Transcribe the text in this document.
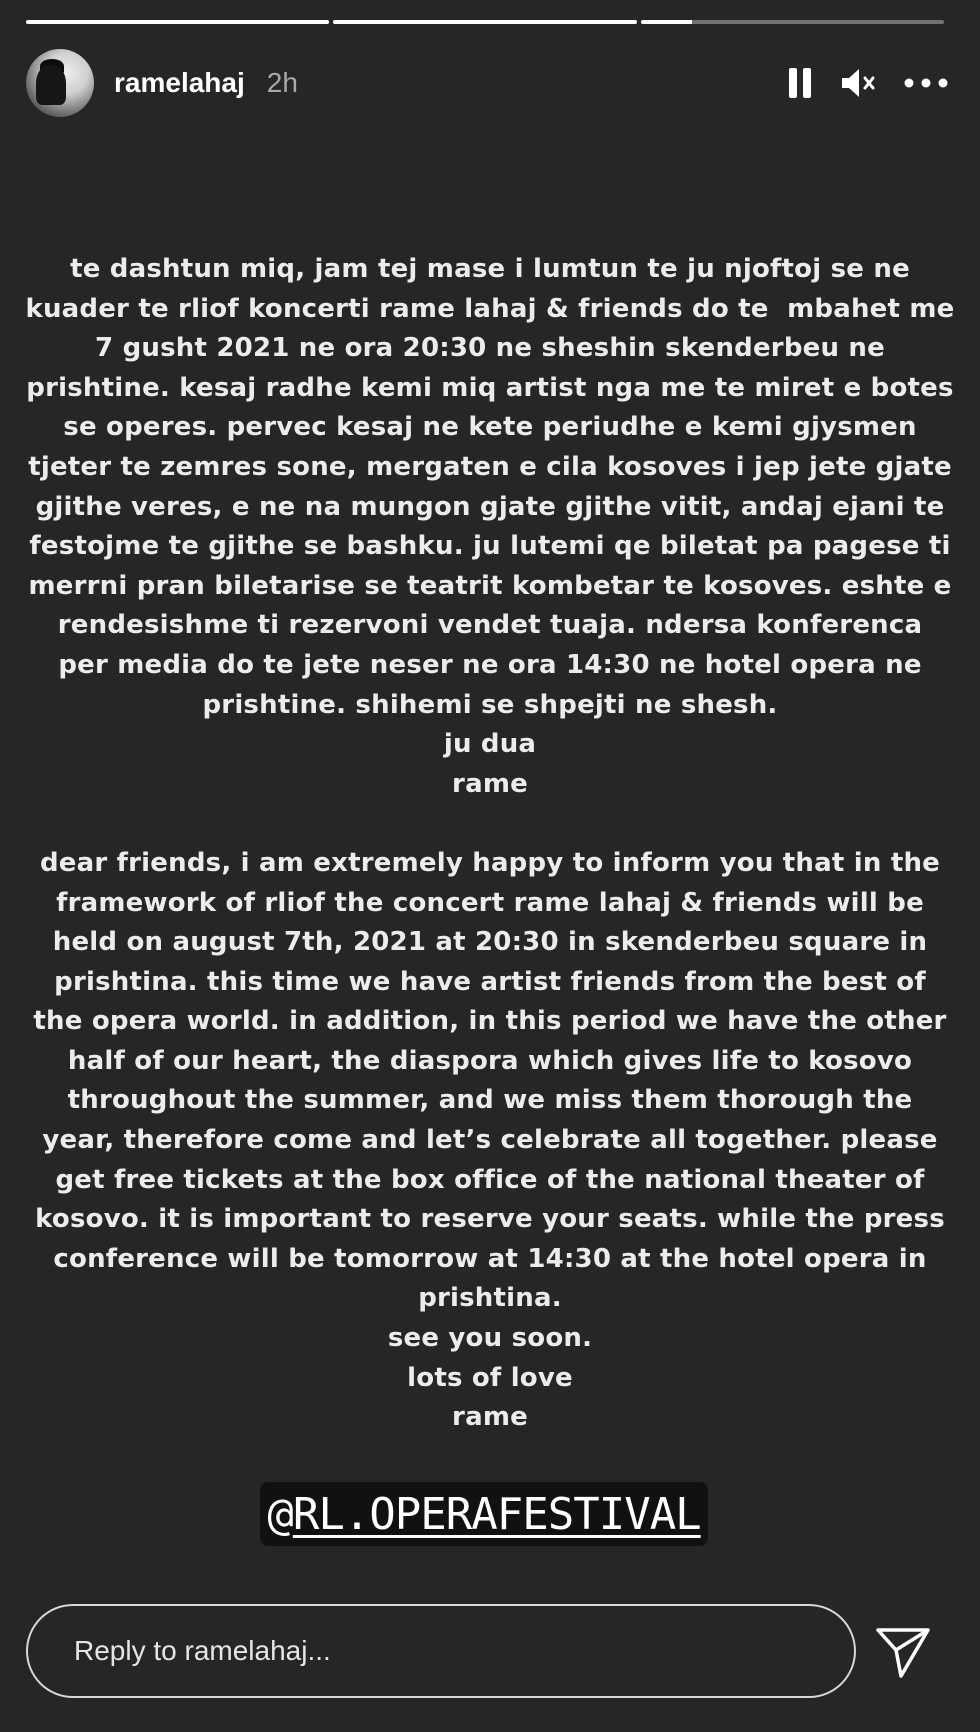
ramelahaj 2h
te dashtun miq, jam tej mase i lumtun te ju njoftoj se ne
kuader te rliof koncerti rame lahaj & friends do te  mbahet me
7 gusht 2021 ne ora 20:30 ne sheshin skenderbeu ne
prishtine. kesaj radhe kemi miq artist nga me te miret e botes
se operes. pervec kesaj ne kete periudhe e kemi gjysmen
tjeter te zemres sone, mergaten e cila kosoves i jep jete gjate
gjithe veres, e ne na mungon gjate gjithe vitit, andaj ejani te
festojme te gjithe se bashku. ju lutemi qe biletat pa pagese ti
merrni pran biletarise se teatrit kombetar te kosoves. eshte e
rendesishme ti rezervoni vendet tuaja. ndersa konferenca
per media do te jete neser ne ora 14:30 ne hotel opera ne
prishtine. shihemi se shpejti ne shesh.
ju dua
rame

dear friends, i am extremely happy to inform you that in the
framework of rliof the concert rame lahaj & friends will be
held on august 7th, 2021 at 20:30 in skenderbeu square in
prishtina. this time we have artist friends from the best of
the opera world. in addition, in this period we have the other
half of our heart, the diaspora which gives life to kosovo
throughout the summer, and we miss them thorough the
year, therefore come and let’s celebrate all together. please
get free tickets at the box office of the national theater of
kosovo. it is important to reserve your seats. while the press
conference will be tomorrow at 14:30 at the hotel opera in
prishtina.
see you soon.
lots of love
rame
@ RL.OPERAFESTIVAL
Reply to ramelahaj...
